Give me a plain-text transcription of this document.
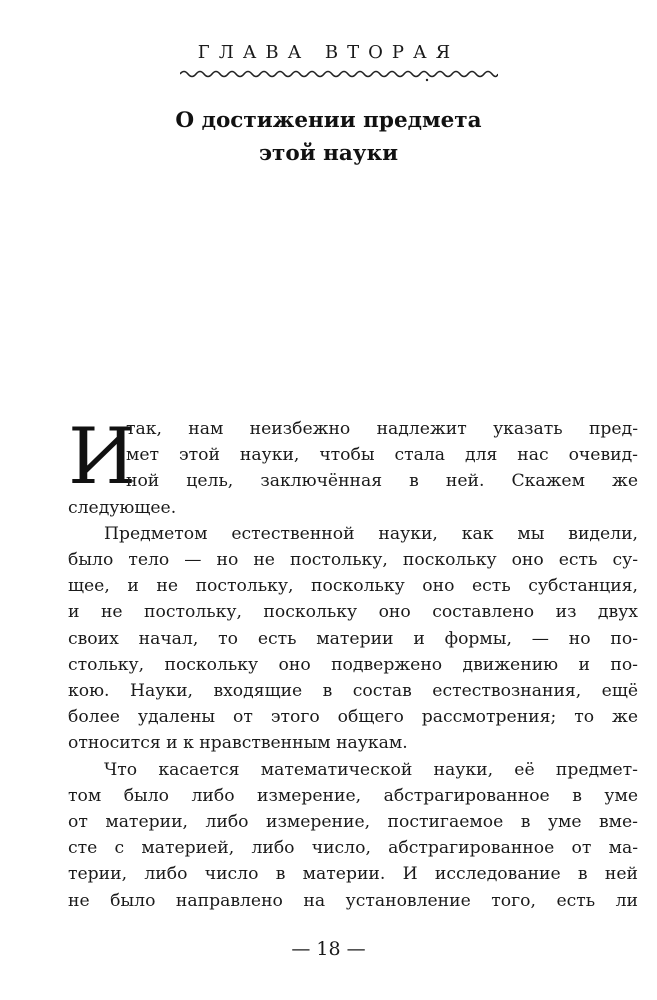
ГЛАВА ВТОРАЯ
О достижении предмета
этой науки
И
так, нам неизбежно надлежит указать пред-
мет этой науки, чтобы стала для нас очевид-
ной цель, заключённая в ней. Скажем же
следующее.
Предметом естественной науки, как мы видели,
было тело — но не постольку, поскольку оно есть су-
щее, и не постольку, поскольку оно есть субстанция,
и не постольку, поскольку оно составлено из двух
своих начал, то есть материи и формы, — но по-
стольку, поскольку оно подвержено движению и по-
кою. Науки, входящие в состав естествознания, ещё
более удалены от этого общего рассмотрения; то же
относится и к нравственным наукам.
Что касается математической науки, её предмет-
том было либо измерение, абстрагированное в уме
от материи, либо измерение, постигаемое в уме вме-
сте с материей, либо число, абстрагированное от ма-
терии, либо число в материи. И исследование в ней
не было направлено на установление того, есть ли
— 18 —
